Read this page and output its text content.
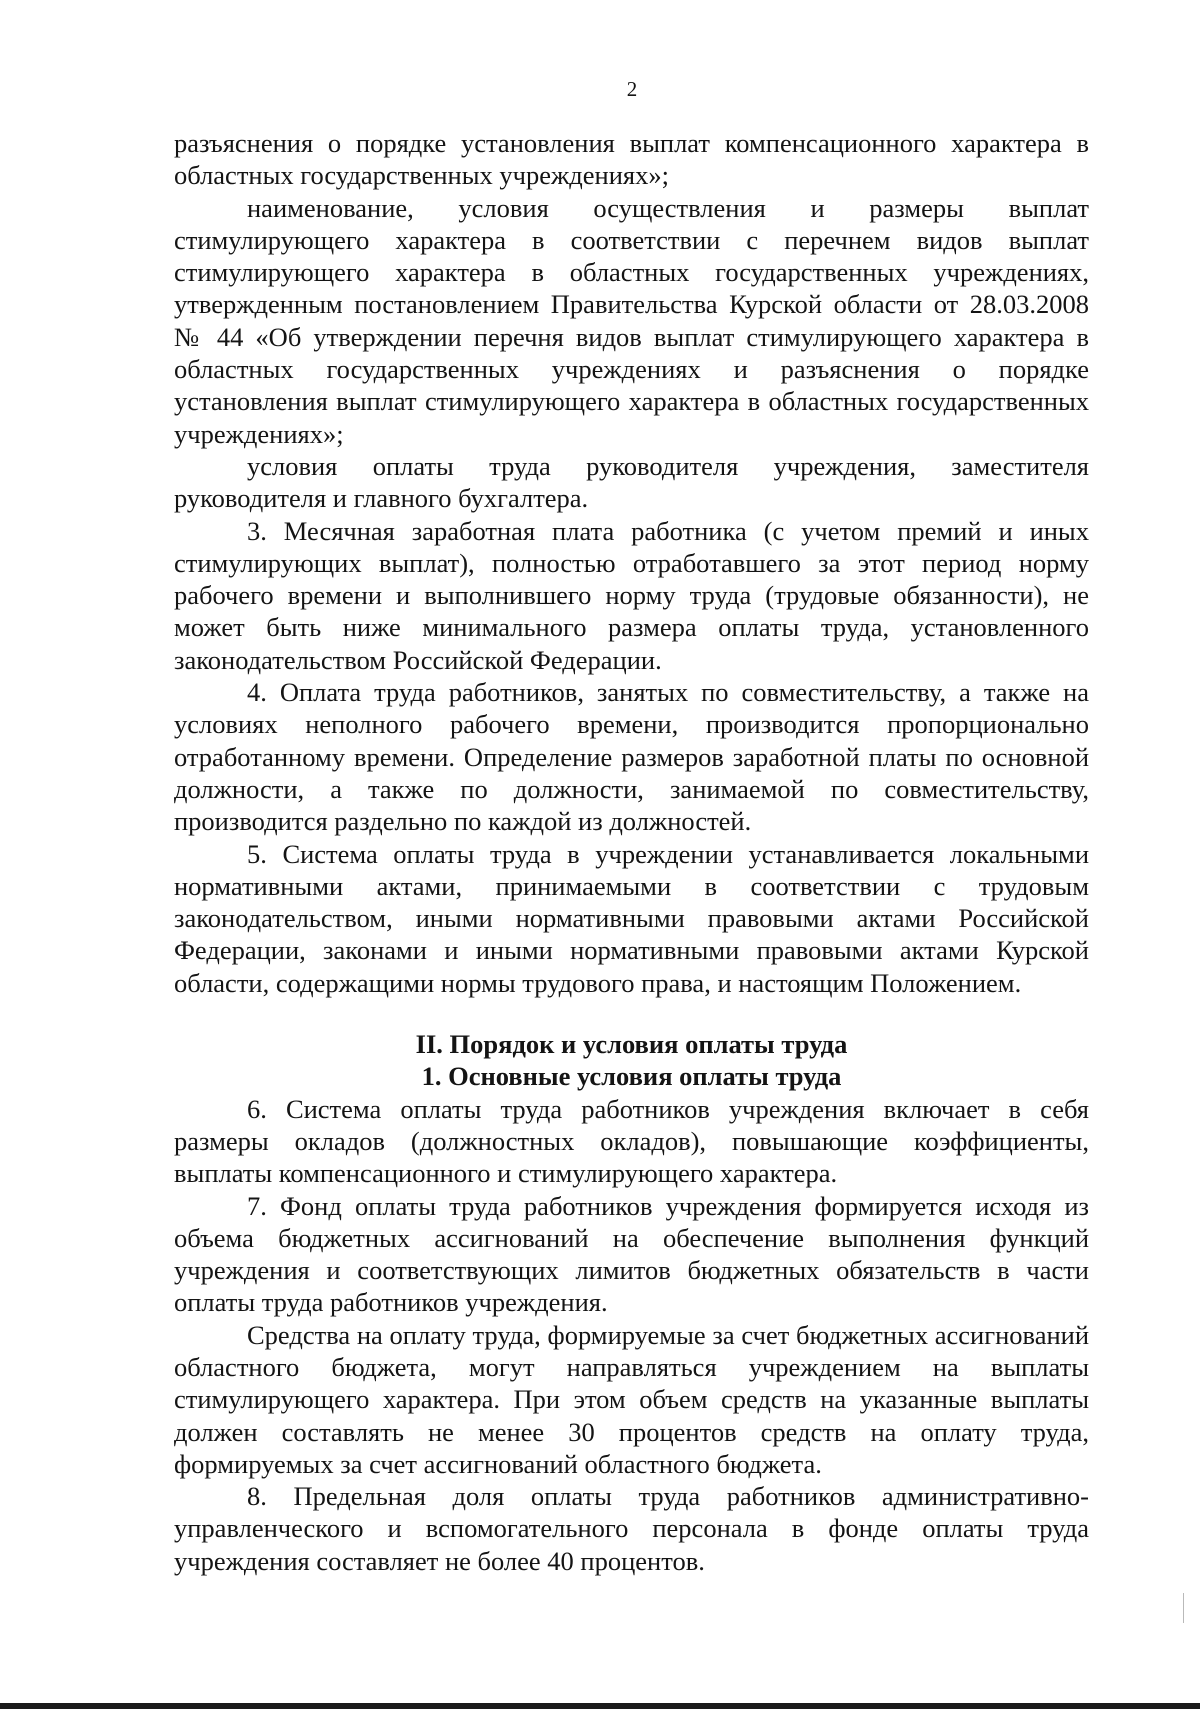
2

разъяснения о порядке установления выплат компенсационного характера в областных государственных учреждениях»;

наименование, условия осуществления и размеры выплат стимулирующего характера в соответствии с перечнем видов выплат стимулирующего характера в областных государственных учреждениях, утвержденным постановлением Правительства Курской области от 28.03.2008 № 44 «Об утверждении перечня видов выплат стимулирующего характера в областных государственных учреждениях и разъяснения о порядке установления выплат стимулирующего характера в областных государственных учреждениях»;

условия оплаты труда руководителя учреждения, заместителя руководителя и главного бухгалтера.

3. Месячная заработная плата работника (с учетом премий и иных стимулирующих выплат), полностью отработавшего за этот период норму рабочего времени и выполнившего норму труда (трудовые обязанности), не может быть ниже минимального размера оплаты труда, установленного законодательством Российской Федерации.

4. Оплата труда работников, занятых по совместительству, а также на условиях неполного рабочего времени, производится пропорционально отработанному времени. Определение размеров заработной платы по основной должности, а также по должности, занимаемой по совместительству, производится раздельно по каждой из должностей.

5. Система оплаты труда в учреждении устанавливается локальными нормативными актами, принимаемыми в соответствии с трудовым законодательством, иными нормативными правовыми актами Российской Федерации, законами и иными нормативными правовыми актами Курской области, содержащими нормы трудового права, и настоящим Положением.

II. Порядок и условия оплаты труда

1. Основные условия оплаты труда

6. Система оплаты труда работников учреждения включает в себя размеры окладов (должностных окладов), повышающие коэффициенты, выплаты компенсационного и стимулирующего характера.

7. Фонд оплаты труда работников учреждения формируется исходя из объема бюджетных ассигнований на обеспечение выполнения функций учреждения и соответствующих лимитов бюджетных обязательств в части оплаты труда работников учреждения.

Средства на оплату труда, формируемые за счет бюджетных ассигнований областного бюджета, могут направляться учреждением на выплаты стимулирующего характера. При этом объем средств на указанные выплаты должен составлять не менее 30 процентов средств на оплату труда, формируемых за счет ассигнований областного бюджета.

8. Предельная доля оплаты труда работников административно-управленческого и вспомогательного персонала в фонде оплаты труда учреждения составляет не более 40 процентов.
